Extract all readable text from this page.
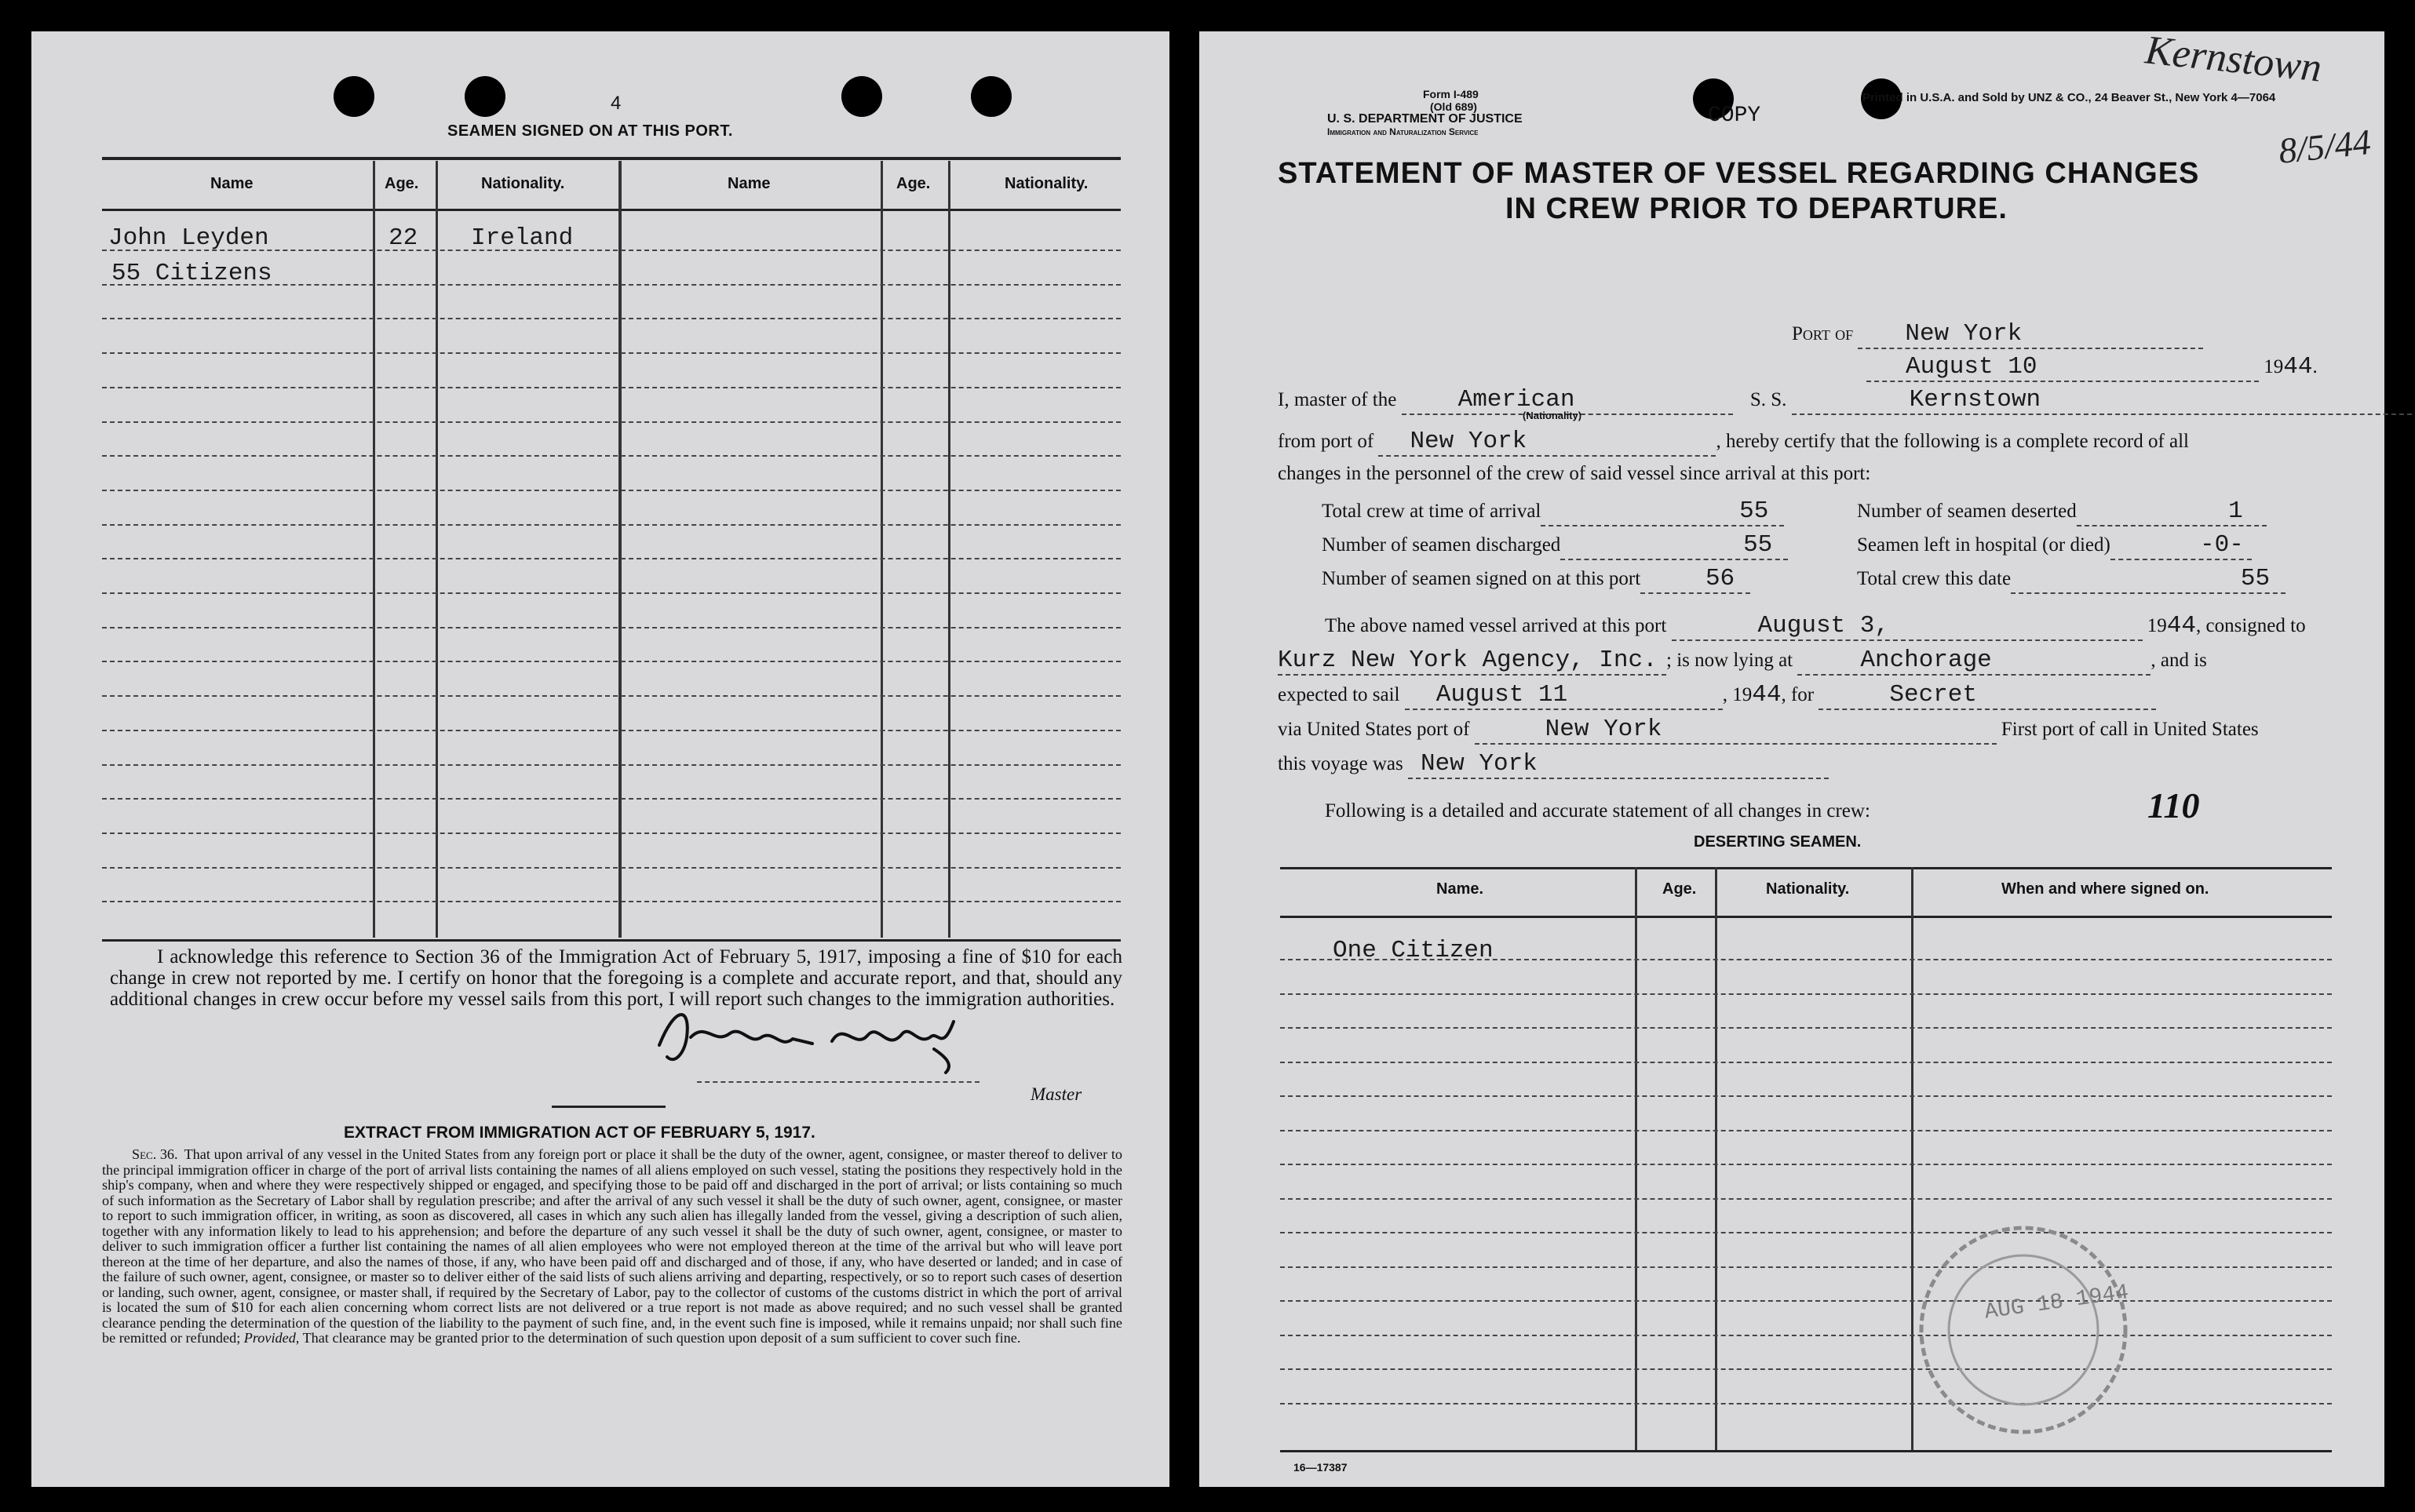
4
SEAMEN SIGNED ON AT THIS PORT.
Name	Age.	Nationality.	Name	Age.	Nationality.
John Leyden	22 Ireland
55 Citizens
I acknowledge this reference to Section 36 of the Immigration Act of February 5, 1917, imposing a fine of $10 for each change in crew not reported by me. I certify on honor that the foregoing is a complete and accurate report, and that, should any additional changes in crew occur before my vessel sails from this port, I will report such changes to the immigration authorities.
Master
EXTRACT FROM IMMIGRATION ACT OF FEBRUARY 5, 1917.
Sec. 36. That upon arrival of any vessel in the United States from any foreign port or place it shall be the duty of the owner, agent, consignee, or master thereof to deliver to the principal immigration officer in charge of the port of arrival lists containing the names of all aliens employed on such vessel, stating the positions they respectively hold in the ship's company, when and where they were respectively shipped or engaged, and specifying those to be paid off and discharged in the port of arrival; or lists containing so much of such information as the Secretary of Labor shall by regulation prescribe; and after the arrival of any such vessel it shall be the duty of such owner, agent, consignee, or master to report to such immigration officer, in writing, as soon as discovered, all cases in which any such alien has illegally landed from the vessel, giving a description of such alien, together with any information likely to lead to his apprehension; and before the departure of any such vessel it shall be the duty of such owner, agent, consignee, or master to deliver to such immigration officer a further list containing the names of all alien employees who were not employed thereon at the time of the arrival but who will leave port thereon at the time of her departure, and also the names of those, if any, who have been paid off and discharged and of those, if any, who have deserted or landed; and in case of the failure of such owner, agent, consignee, or master so to deliver either of the said lists of such aliens arriving and departing, respectively, or so to report such cases of desertion or landing, such owner, agent, consignee, or master shall, if required by the Secretary of Labor, pay to the collector of customs of the customs district in which the port of arrival is located the sum of $10 for each alien concerning whom correct lists are not delivered or a true report is not made as above required; and no such vessel shall be granted clearance pending the determination of the question of the liability to the payment of such fine, and, in the event such fine is imposed, while it remains unpaid; nor shall such fine be remitted or refunded; Provided, That clearance may be granted prior to the determination of such question upon deposit of a sum sufficient to cover such fine.
Form I-489
(Old 689)
U. S. DEPARTMENT OF JUSTICE
Immigration and Naturalization Service
COPY
Printed in U.S.A. and Sold by UNZ & CO., 24 Beaver St., New York 4—7064
Kernstown
8/5/44
STATEMENT OF MASTER OF VESSEL REGARDING CHANGES
IN CREW PRIOR TO DEPARTURE.
Port of New York
August 10	1944.
I, master of the	American	S. S.	Kernstown
(Nationality)
from port of New York	, hereby certify that the following is a complete record of all
changes in the personnel of the crew of said vessel since arrival at this port:
Total crew at time of arrival	55
Number of seamen discharged	55
Number of seamen signed on at this port	56
Number of seamen deserted	1
Seamen left in hospital (or died)	-0-
Total crew this date	55
The above named vessel arrived at this port	August 3,	1944, consigned to
Kurz New York Agency, Inc. ; is now lying at	Anchorage	, and is
expected to sail August 11	, 1944, for	Secret
via United States port of	New York	First port of call in United States
this voyage was New York
Following is a detailed and accurate statement of all changes in crew:	110
DESERTING SEAMEN.
Name.	Age.	Nationality.	When and where signed on.
One Citizen
AUG 18 1944
16—17387
